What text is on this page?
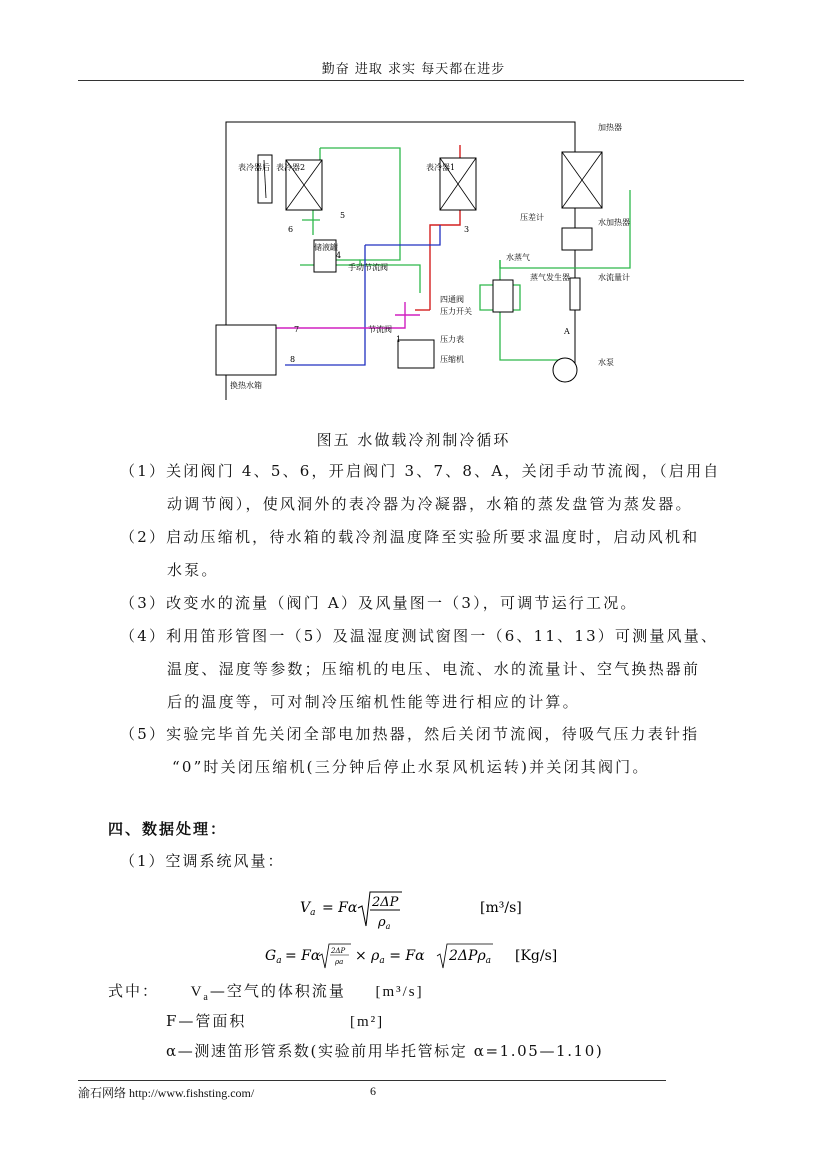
勤奋 进取 求实 每天都在进步
表冷器后 表冷器2	表冷器1
加热器
压差计
水加热器
水蒸气
蒸气发生器	水流量计
水泵
储液罐
手动节流阀
四通阀
压力开关
压力表
压缩机
节流阀
换热水箱
6
5
4
3
7
8
1
A
图五 水做载冷剂制冷循环
（1）关闭阀门 4、5、6，开启阀门 3、7、8、A，关闭手动节流阀，（启用自
动调节阀），使风洞外的表冷器为冷凝器，水箱的蒸发盘管为蒸发器。
（2）启动压缩机，待水箱的载冷剂温度降至实验所要求温度时，启动风机和
水泵。
（3）改变水的流量（阀门 A）及风量图一（3），可调节运行工况。
（4）利用笛形管图一（5）及温湿度测试窗图一（6、11、13）可测量风量、
温度、湿度等参数；压缩机的电压、电流、水的流量计、空气换热器前
后的温度等，可对制冷压缩机性能等进行相应的计算。
（5）实验完毕首先关闭全部电加热器，然后关闭节流阀，待吸气压力表针指
“0”时关闭压缩机(三分钟后停止水泵风机运转)并关闭其阀门。
四、数据处理：
（1）空调系统风量：
$V_a = F\alpha$ 2ΔP
$\rho_a$
[m³/s]
$G_a = F\alpha$ 2ΔP
$\rho a \times \rho_a = F\alpha$ 2ΔPρ$_a$ [Kg/s]
式中： $V_a—$空气的体积流量 [m³/s]
F—管面积	[m²]
α—测速笛形管系数(实验前用毕托管标定 α=1.05—1.10)
渝石网络 http://www.fishsting.com/	6
